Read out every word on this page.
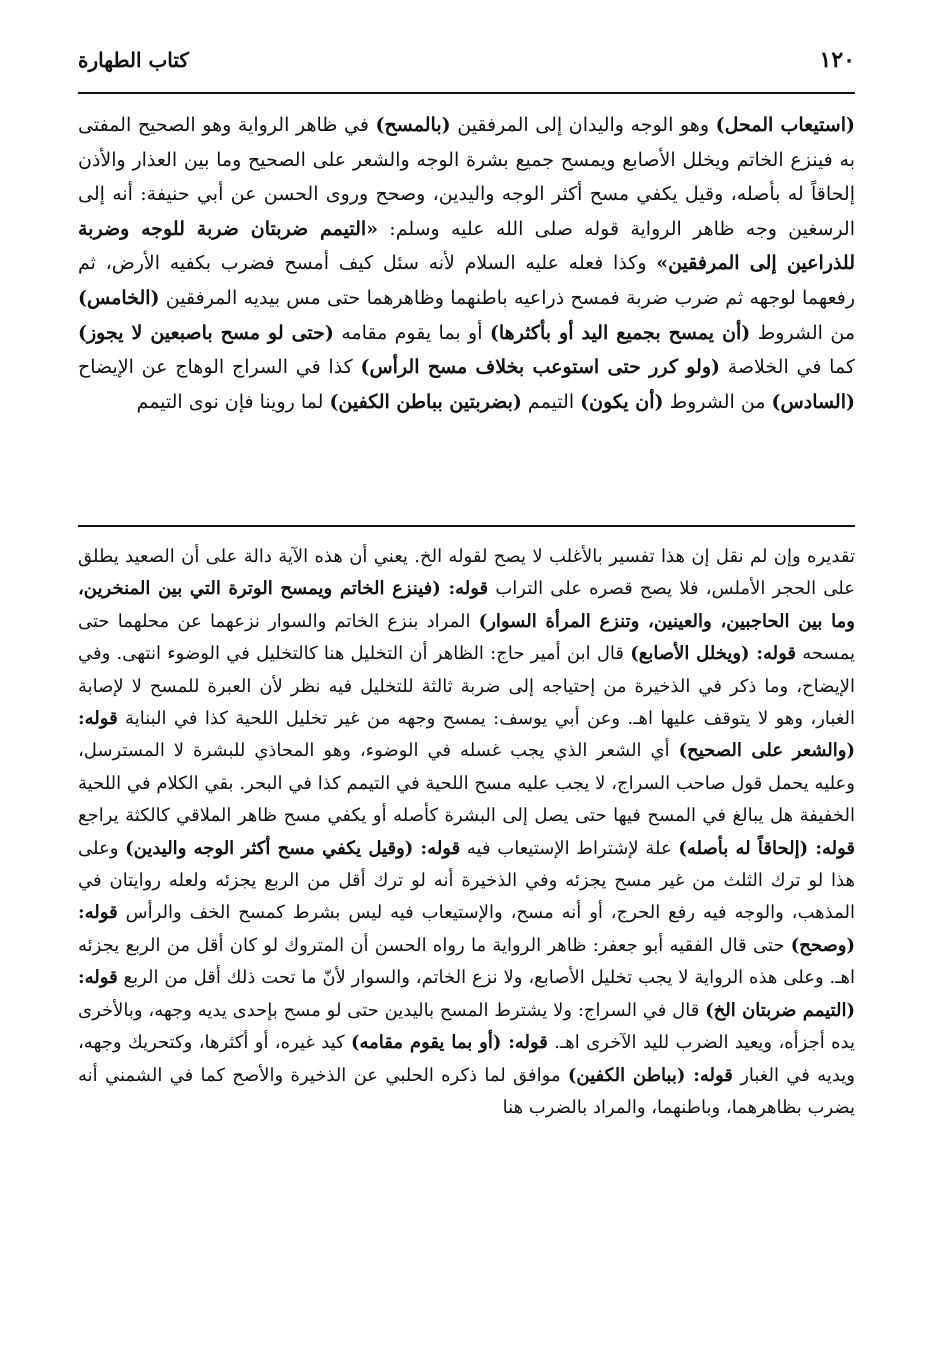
١٢٠
كتاب الطهارة

(استيعاب المحل) وهو الوجه واليدان إلى المرفقين (بالمسح) في ظاهر الرواية وهو الصحيح المفتى به فينزع الخاتم ويخلل الأصابع ويمسح جميع بشرة الوجه والشعر على الصحيح وما بين العذار والأذن إلحاقاً له بأصله، وقيل يكفي مسح أكثر الوجه واليدين، وصحح وروى الحسن عن أبي حنيفة: أنه إلى الرسغين وجه ظاهر الرواية قوله صلى الله عليه وسلم: «التيمم ضربتان ضربة للوجه وضربة للذراعين إلى المرفقين» وكذا فعله عليه السلام لأنه سئل كيف أمسح فضرب بكفيه الأرض، ثم رفعهما لوجهه ثم ضرب ضربة فمسح ذراعيه باطنهما وظاهرهما حتى مس بيديه المرفقين (الخامس) من الشروط (أن يمسح بجميع اليد أو بأكثرها) أو بما يقوم مقامه (حتى لو مسح باصبعين لا يجوز) كما في الخلاصة (ولو كرر حتى استوعب بخلاف مسح الرأس) كذا في السراج الوهاج عن الإيضاح (السادس) من الشروط (أن يكون) التيمم (بضربتين بباطن الكفين) لما روينا فإن نوى التيمم

تقديره وإن لم نقل إن هذا تفسير بالأغلب لا يصح لقوله الخ. يعني أن هذه الآية دالة على أن الصعيد يطلق على الحجر الأملس، فلا يصح قصره على التراب قوله: (فينزع الخاتم ويمسح الوترة التي بين المنخرين، وما بين الحاجبين، والعينين، وتنزع المرأة السوار) المراد بنزع الخاتم والسوار نزعهما عن محلهما حتى يمسحه قوله: (ويخلل الأصابع) قال ابن أمير حاج: الظاهر أن التخليل هنا كالتخليل في الوضوء انتهى. وفي الإيضاح، وما ذكر في الذخيرة من إحتياجه إلى ضربة ثالثة للتخليل فيه نظر لأن العبرة للمسح لا لإصابة الغبار، وهو لا يتوقف عليها اهـ. وعن أبي يوسف: يمسح وجهه من غير تخليل اللحية كذا في البناية قوله: (والشعر على الصحيح) أي الشعر الذي يجب غسله في الوضوء، وهو المحاذي للبشرة لا المسترسل، وعليه يحمل قول صاحب السراج، لا يجب عليه مسح اللحية في التيمم كذا في البحر. بقي الكلام في اللحية الخفيفة هل يبالغ في المسح فيها حتى يصل إلى البشرة كأصله أو يكفي مسح ظاهر الملاقي كالكثة يراجع قوله: (إلحاقاً له بأصله) علة لإشتراط الإستيعاب فيه قوله: (وقيل يكفي مسح أكثر الوجه واليدين) وعلى هذا لو ترك الثلث من غير مسح يجزئه وفي الذخيرة أنه لو ترك أقل من الربع يجزئه ولعله روايتان في المذهب، والوجه فيه رفع الحرج، أو أنه مسح، والإستيعاب فيه ليس بشرط كمسح الخف والرأس قوله: (وصحح) حتى قال الفقيه أبو جعفر: ظاهر الرواية ما رواه الحسن أن المتروك لو كان أقل من الربع يجزئه اهـ. وعلى هذه الرواية لا يجب تخليل الأصابع، ولا نزع الخاتم، والسوار لأنّ ما تحت ذلك أقل من الربع قوله: (التيمم ضربتان الخ) قال في السراج: ولا يشترط المسح باليدين حتى لو مسح بإحدى يديه وجهه، وبالأخرى يده أجزأه، ويعيد الضرب لليد الآخرى اهـ. قوله: (أو بما يقوم مقامه) كيد غيره، أو أكثرها، وكتحريك وجهه، ويديه في الغبار قوله: (بباطن الكفين) موافق لما ذكره الحلبي عن الذخيرة والأصح كما في الشمني أنه يضرب بظاهرهما، وباطنهما، والمراد بالضرب هنا
